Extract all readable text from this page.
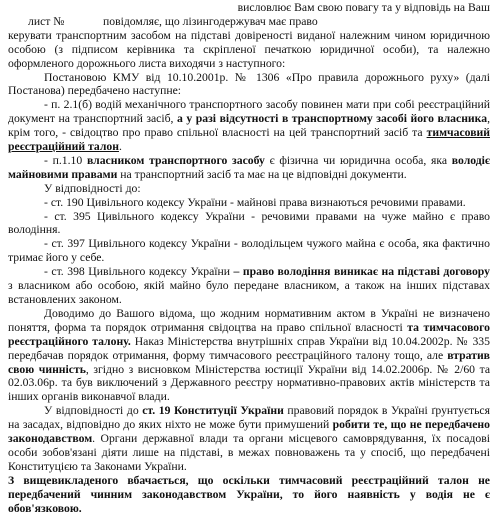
висловлює Вам свою повагу та у відповідь на Ваш
лист №	повідомляє, що лізингодержувач має право

керувати транспортним засобом на підставі довіреності виданої належним чином юридичною особою (з підписом керівника та скріпленої печаткою юридичної особи), та належно оформленого дорожнього листа виходячи з наступного:

Постановою КМУ від 10.10.2001р. № 1306 «Про правила дорожнього руху» (далі Постанова) передбачено наступне:

- п. 2.1(б) водій механічного транспортного засобу повинен мати при собі реєстраційний документ на транспортний засіб, а у разі відсутності в транспортному засобі його власника, крім того, - свідоцтво про право спільної власності на цей транспортний засіб та тимчасовий реєстраційний талон.

- п.1.10 власником транспортного засобу є фізична чи юридична особа, яка володіє майновими правами на транспортний засіб та має на це відповідні документи.

У відповідності до:

- ст. 190 Цивільного кодексу України - майнові права визнаються речовими правами.

- ст. 395 Цивільного кодексу України - речовими правами на чуже майно є право володіння.

- ст. 397 Цивільного кодексу України - володільцем чужого майна є особа, яка фактично тримає його у себе.

- ст. 398 Цивільного кодексу України – право володіння виникає на підставі договору з власником або особою, якій майно було передане власником, а також на інших підставах встановлених законом.

Доводимо до Вашого відома, що жодним нормативним актом в Україні не визначено поняття, форма та порядок отримання свідоцтва на право спільної власності та тимчасового реєстраційного талону. Наказ Міністерства внутрішніх справ України від 10.04.2002р. № 335 передбачав порядок отримання, форму тимчасового реєстраційного талону тощо, але втратив свою чинність, згідно з висновком Міністерства юстиції України від 14.02.2006р. № 2/60 та 02.03.06р. та був виключений з Державного реєстру нормативно-правових актів міністерств та інших органів виконавчої влади.

У відповідності до ст. 19 Конституції України правовий порядок в Україні ґрунтується на засадах, відповідно до яких ніхто не може бути примушений робити те, що не передбачено законодавством. Органи державної влади та органи місцевого самоврядування, їх посадові особи зобов'язані діяти лише на підставі, в межах повноважень та у спосіб, що передбачені Конституцією та Законами України.

З вищевикладеного вбачається, що оскільки тимчасовий реєстраційний талон не передбачений чинним законодавством України, то його наявність у водія не є обов'язковою.
